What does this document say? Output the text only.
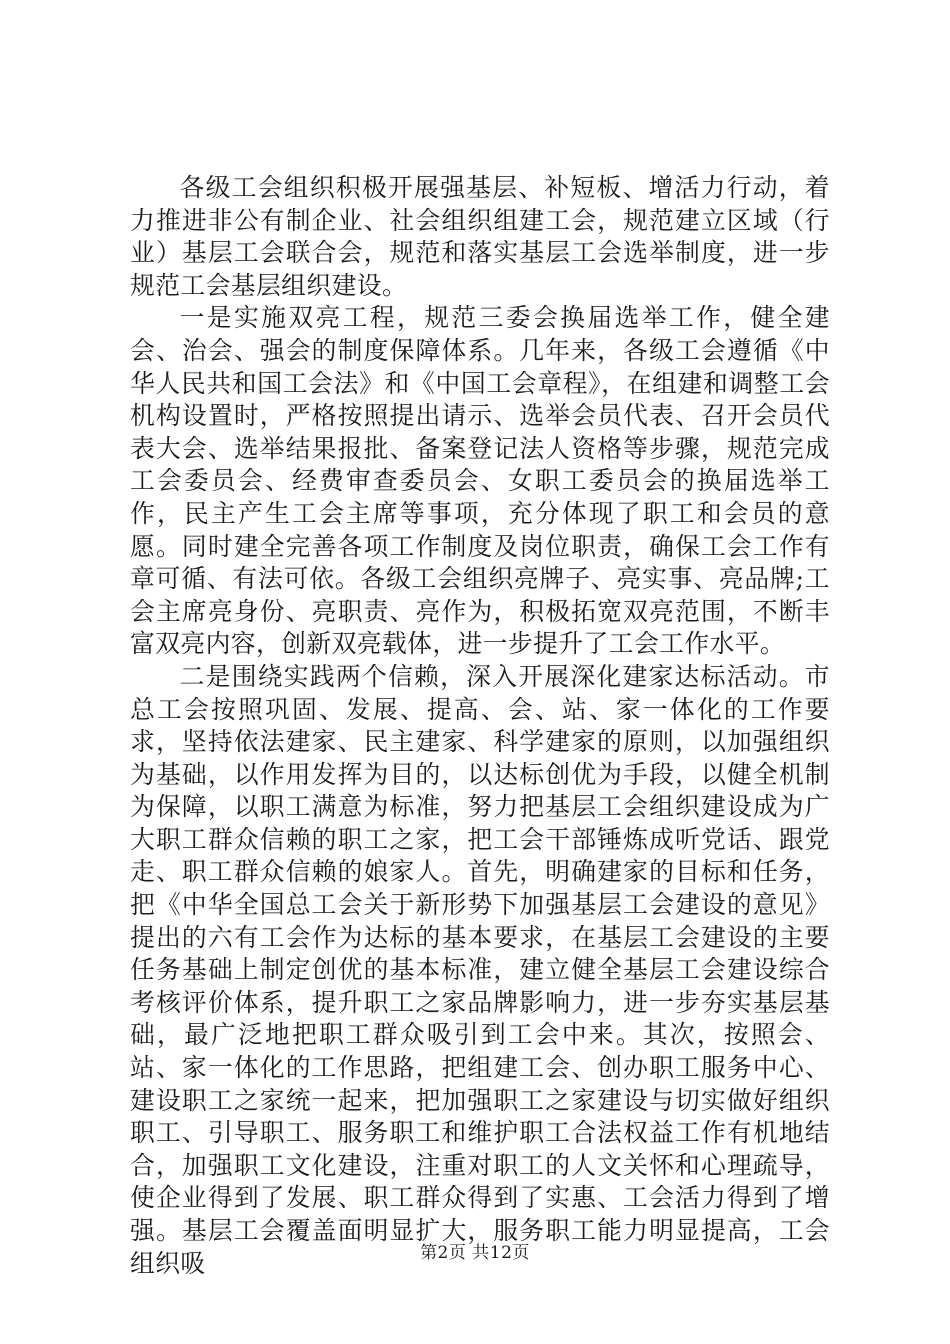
各级工会组织积极开展强基层、补短板、增活力行动，着力推进非公有制企业、社会组织组建工会，规范建立区域（行业）基层工会联合会，规范和落实基层工会选举制度，进一步规范工会基层组织建设。

一是实施双亮工程，规范三委会换届选举工作，健全建会、治会、强会的制度保障体系。几年来，各级工会遵循《中华人民共和国工会法》和《中国工会章程》，在组建和调整工会机构设置时，严格按照提出请示、选举会员代表、召开会员代表大会、选举结果报批、备案登记法人资格等步骤，规范完成工会委员会、经费审查委员会、女职工委员会的换届选举工作，民主产生工会主席等事项，充分体现了职工和会员的意愿。同时建全完善各项工作制度及岗位职责，确保工会工作有章可循、有法可依。各级工会组织亮牌子、亮实事、亮品牌;工会主席亮身份、亮职责、亮作为，积极拓宽双亮范围，不断丰富双亮内容，创新双亮载体，进一步提升了工会工作水平。

二是围绕实践两个信赖，深入开展深化建家达标活动。市总工会按照巩固、发展、提高、会、站、家一体化的工作要求，坚持依法建家、民主建家、科学建家的原则，以加强组织为基础，以作用发挥为目的，以达标创优为手段，以健全机制为保障，以职工满意为标准，努力把基层工会组织建设成为广大职工群众信赖的职工之家，把工会干部锤炼成听党话、跟党走、职工群众信赖的娘家人。首先，明确建家的目标和任务，把《中华全国总工会关于新形势下加强基层工会建设的意见》提出的六有工会作为达标的基本要求，在基层工会建设的主要任务基础上制定创优的基本标准，建立健全基层工会建设综合考核评价体系，提升职工之家品牌影响力，进一步夯实基层基础，最广泛地把职工群众吸引到工会中来。其次，按照会、站、家一体化的工作思路，把组建工会、创办职工服务中心、建设职工之家统一起来，把加强职工之家建设与切实做好组织职工、引导职工、服务职工和维护职工合法权益工作有机地结合，加强职工文化建设，注重对职工的人文关怀和心理疏导，使企业得到了发展、职工群众得到了实惠、工会活力得到了增强。基层工会覆盖面明显扩大，服务职工能力明显提高，工会组织吸	第2页 共12页
